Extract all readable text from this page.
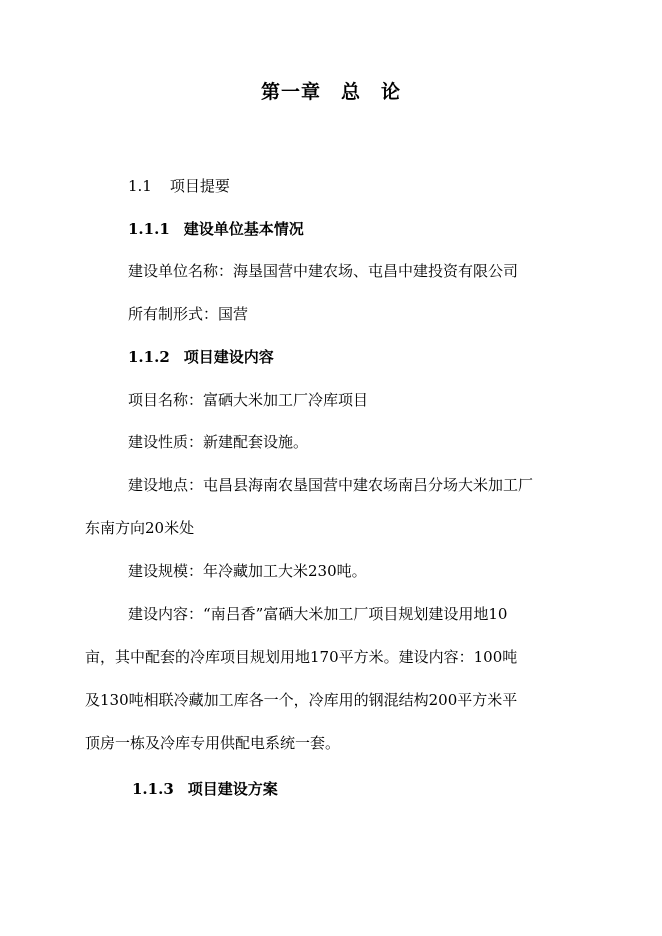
第一章　总　论
1.1 项目提要
1.1.1 建设单位基本情况
建设单位名称：海垦国营中建农场、屯昌中建投资有限公司
所有制形式：国营
1.1.2 项目建设内容
项目名称：富硒大米加工厂冷库项目
建设性质：新建配套设施。
建设地点：屯昌县海南农垦国营中建农场南吕分场大米加工厂
东南方向20米处
建设规模：年冷藏加工大米230吨。
建设内容：“南吕香”富硒大米加工厂项目规划建设用地10
亩，其中配套的冷库项目规划用地170平方米。建设内容：100吨
及130吨相联冷藏加工库各一个，冷库用的钢混结构200平方米平
顶房一栋及冷库专用供配电系统一套。
1.1.3 项目建设方案
